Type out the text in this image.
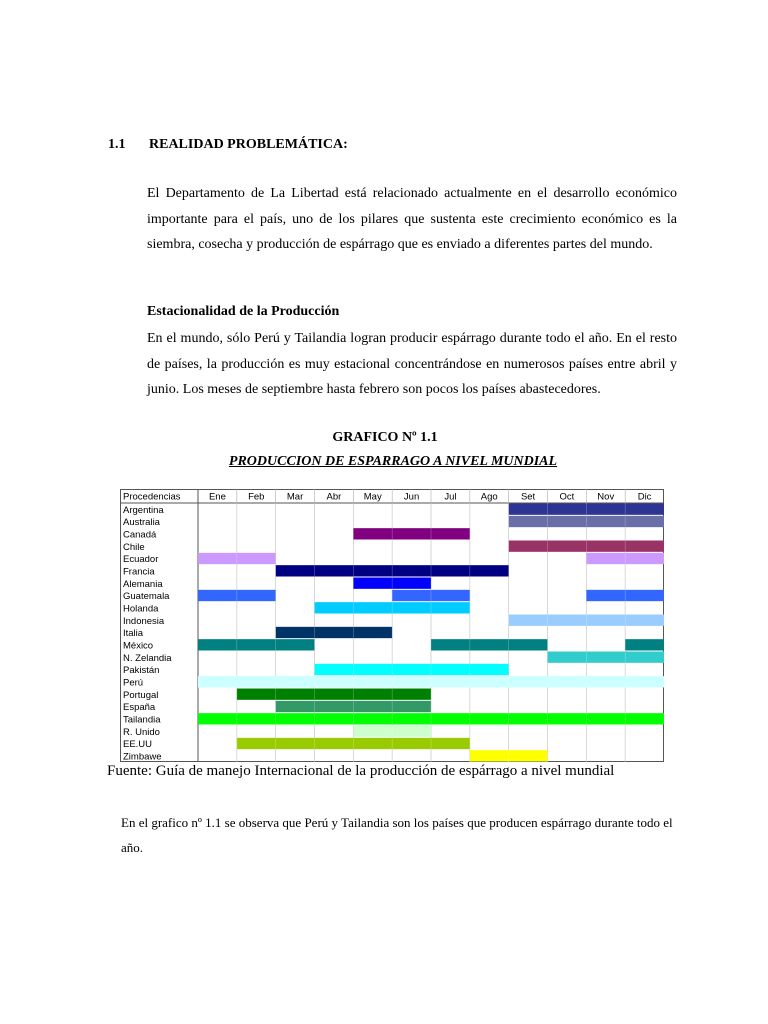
1.1 REALIDAD PROBLEMÁTICA:
El Departamento de La Libertad está relacionado actualmente en el desarrollo económico importante para el país, uno de los pilares que sustenta este crecimiento económico es la siembra, cosecha y producción de espárrago que es enviado a diferentes partes del mundo.
Estacionalidad de la Producción
En el mundo, sólo Perú y Tailandia logran producir espárrago durante todo el año. En el resto de países, la producción es muy estacional concentrándose en numerosos países entre abril y junio. Los meses de septiembre hasta febrero son pocos los países abastecedores.
GRAFICO Nº 1.1
PRODUCCION DE ESPARRAGO A NIVEL MUNDIAL
Procedencias	Ene Feb Mar Abr May Jun	Jul	Ago Set	Oct Nov Dic
Argentina
Australia
Canadá
Chile
Ecuador
Francia
Alemania
Guatemala
Holanda
Indonesia
Italia
México
N. Zelandia
Pakistán
Perú
Portugal
España
Tailandia
R. Unido
EE.UU
Zimbawe
Fuente: Guía de manejo Internacional de la producción de espárrago a nivel mundial
En el grafico nº 1.1 se observa que Perú y Tailandia son los países que producen espárrago durante todo el año.
